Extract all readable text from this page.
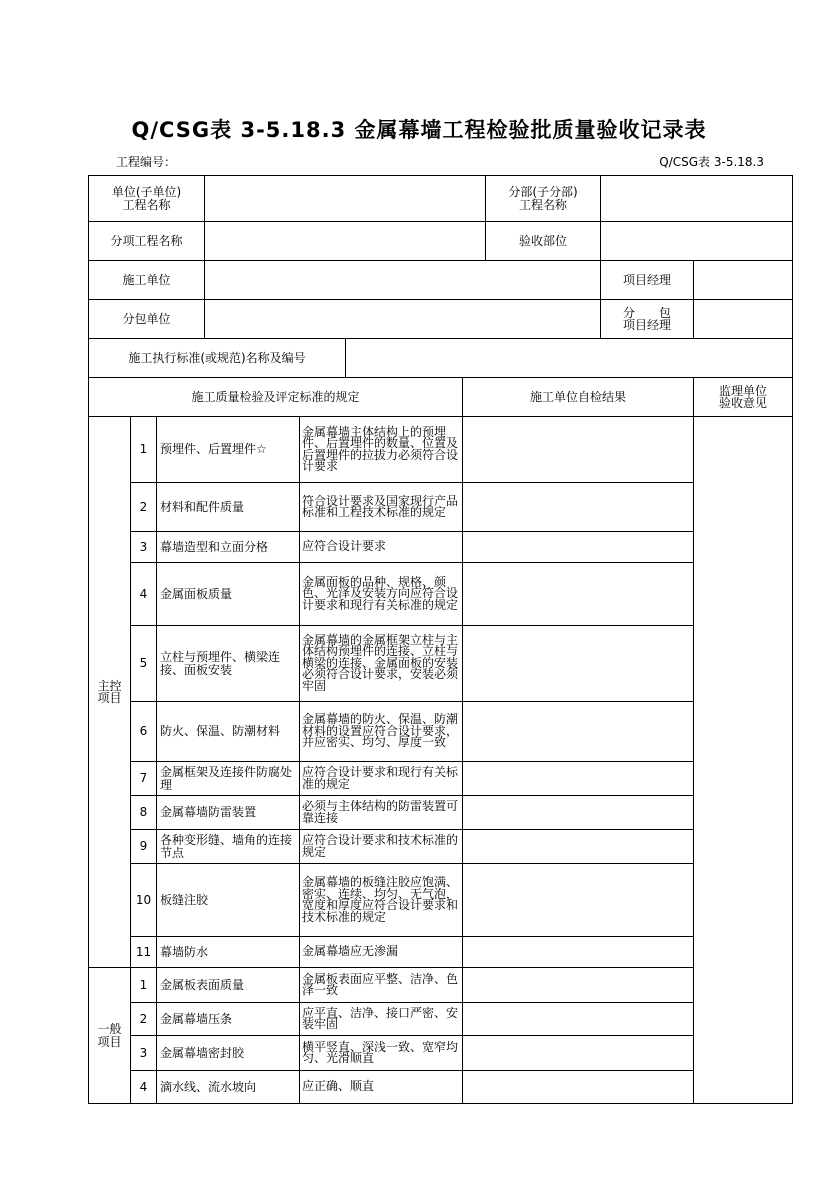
Q/CSG表 3-5.18.3 金属幕墙工程检验批质量验收记录表
工程编号：	Q/CSG表 3-5.18.3
单位(子单位)
工程名称			分部(子分部)
工程名称		
分项工程名称			验收部位		
施工单位				项目经理	
分包单位				分　　包
项目经理	

施工执行标准(或规范)名称及编号					
施工质量检验及评定标准的规定				施工单位自检结果	监理单位
验收意见

主控
项目	1	预埋件、后置埋件☆	金属幕墙主体结构上的预埋件、后置埋件的数量、位置及后置埋件的拉拔力必须符合设计要求		
	2	材料和配件质量	符合设计要求及国家现行产品标准和工程技术标准的规定		
	3	幕墙造型和立面分格	应符合设计要求		
	4	金属面板质量	金属面板的品种、规格、颜色、光泽及安装方向应符合设计要求和现行有关标准的规定		
	5	立柱与预埋件、横梁连接、面板安装	金属幕墙的金属框架立柱与主体结构预埋件的连接、立柱与横梁的连接、金属面板的安装必须符合设计要求，安装必须牢固		
	6	防火、保温、防潮材料	金属幕墙的防火、保温、防潮材料的设置应符合设计要求，并应密实、均匀、厚度一致		
	7	金属框架及连接件防腐处理	应符合设计要求和现行有关标准的规定		
	8	金属幕墙防雷装置	必须与主体结构的防雷装置可靠连接		
	9	各种变形缝、墙角的连接节点	应符合设计要求和技术标准的规定		
	10	板缝注胶	金属幕墙的板缝注胶应饱满、密实、连续、均匀、无气泡，宽度和厚度应符合设计要求和技术标准的规定		
	11	幕墙防水	金属幕墙应无渗漏		

一般
项目	1	金属板表面质量	金属板表面应平整、洁净、色泽一致		
	2	金属幕墙压条	应平直、洁净、接口严密、安装牢固		
	3	金属幕墙密封胶	横平竖直、深浅一致、宽窄均匀、光滑顺直		
	4	滴水线、流水坡向	应正确、顺直		
